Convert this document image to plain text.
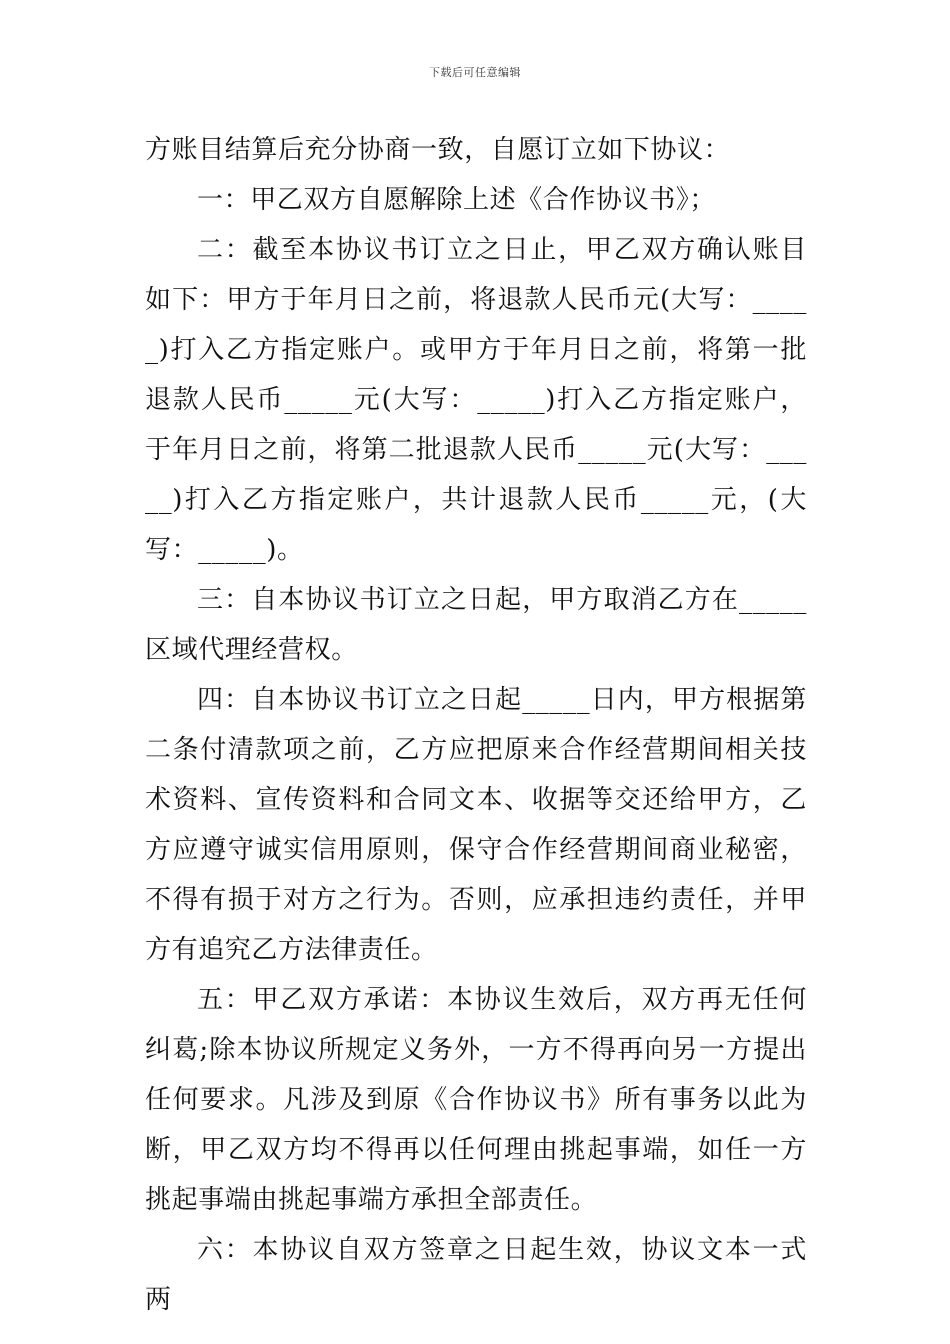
下载后可任意编辑

方账目结算后充分协商一致，自愿订立如下协议：

一：甲乙双方自愿解除上述《合作协议书》；

二：截至本协议书订立之日止，甲乙双方确认账目如下：甲方于年月日之前，将退款人民币元(大写：_____)打入乙方指定账户。或甲方于年月日之前，将第一批退款人民币_____元(大写：_____)打入乙方指定账户，于年月日之前，将第二批退款人民币_____元(大写：_____)打入乙方指定账户，共计退款人民币_____元，(大写：_____)。

三：自本协议书订立之日起，甲方取消乙方在_____区域代理经营权。

四：自本协议书订立之日起_____日内，甲方根据第二条付清款项之前，乙方应把原来合作经营期间相关技术资料、宣传资料和合同文本、收据等交还给甲方，乙方应遵守诚实信用原则，保守合作经营期间商业秘密，不得有损于对方之行为。否则，应承担违约责任，并甲方有追究乙方法律责任。

五：甲乙双方承诺：本协议生效后，双方再无任何纠葛;除本协议所规定义务外，一方不得再向另一方提出任何要求。凡涉及到原《合作协议书》所有事务以此为断，甲乙双方均不得再以任何理由挑起事端，如任一方挑起事端由挑起事端方承担全部责任。

六：本协议自双方签章之日起生效，协议文本一式两
